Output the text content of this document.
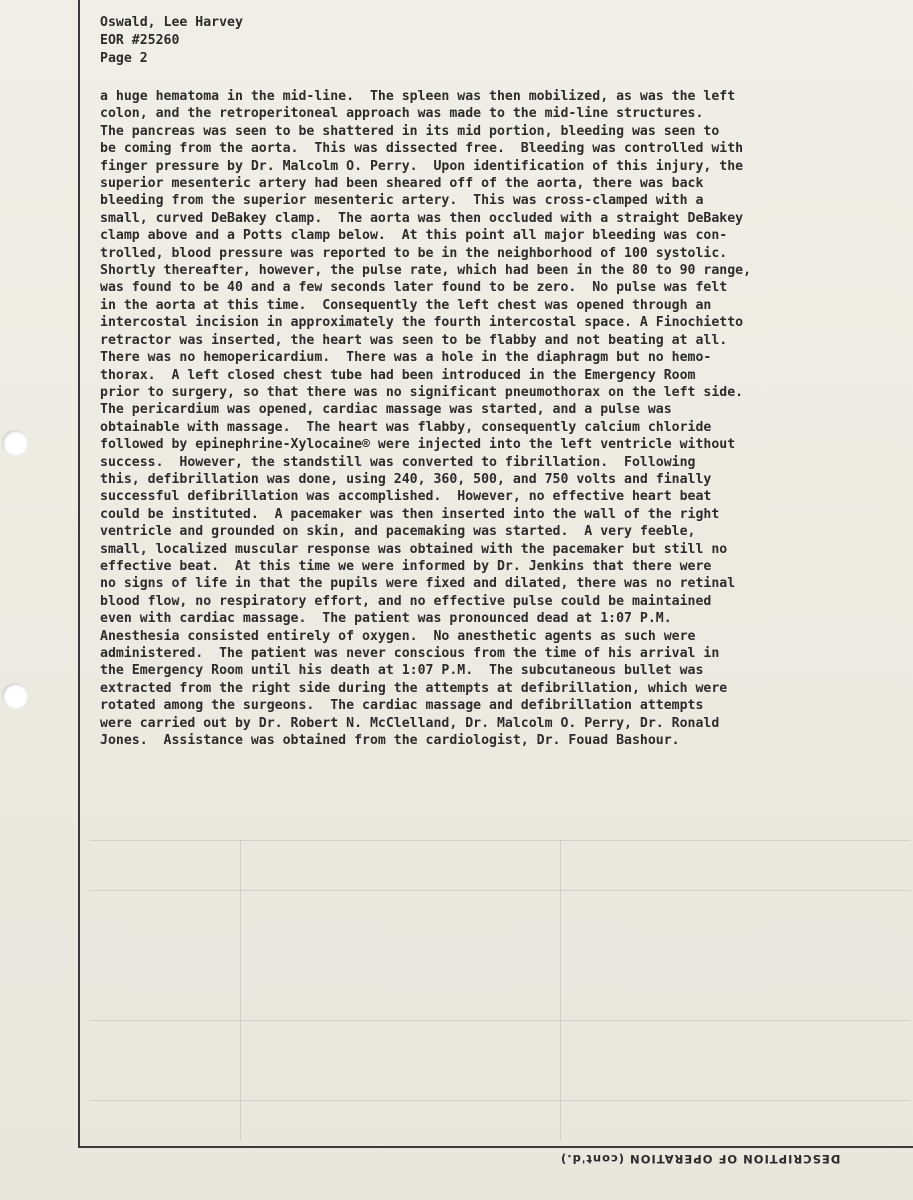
Oswald, Lee Harvey
EOR #25260
Page 2
a huge hematoma in the mid-line.  The spleen was then mobilized, as was the left
colon, and the retroperitoneal approach was made to the mid-line structures.
The pancreas was seen to be shattered in its mid portion, bleeding was seen to
be coming from the aorta.  This was dissected free.  Bleeding was controlled with
finger pressure by Dr. Malcolm O. Perry.  Upon identification of this injury, the
superior mesenteric artery had been sheared off of the aorta, there was back
bleeding from the superior mesenteric artery.  This was cross-clamped with a
small, curved DeBakey clamp.  The aorta was then occluded with a straight DeBakey
clamp above and a Potts clamp below.  At this point all major bleeding was con-
trolled, blood pressure was reported to be in the neighborhood of 100 systolic.
Shortly thereafter, however, the pulse rate, which had been in the 80 to 90 range,
was found to be 40 and a few seconds later found to be zero.  No pulse was felt
in the aorta at this time.  Consequently the left chest was opened through an
intercostal incision in approximately the fourth intercostal space. A Finochietto
retractor was inserted, the heart was seen to be flabby and not beating at all.
There was no hemopericardium.  There was a hole in the diaphragm but no hemo-
thorax.  A left closed chest tube had been introduced in the Emergency Room
prior to surgery, so that there was no significant pneumothorax on the left side.
The pericardium was opened, cardiac massage was started, and a pulse was
obtainable with massage.  The heart was flabby, consequently calcium chloride
followed by epinephrine-Xylocaine® were injected into the left ventricle without
success.  However, the standstill was converted to fibrillation.  Following
this, defibrillation was done, using 240, 360, 500, and 750 volts and finally
successful defibrillation was accomplished.  However, no effective heart beat
could be instituted.  A pacemaker was then inserted into the wall of the right
ventricle and grounded on skin, and pacemaking was started.  A very feeble,
small, localized muscular response was obtained with the pacemaker but still no
effective beat.  At this time we were informed by Dr. Jenkins that there were
no signs of life in that the pupils were fixed and dilated, there was no retinal
blood flow, no respiratory effort, and no effective pulse could be maintained
even with cardiac massage.  The patient was pronounced dead at 1:07 P.M.
Anesthesia consisted entirely of oxygen.  No anesthetic agents as such were
administered.  The patient was never conscious from the time of his arrival in
the Emergency Room until his death at 1:07 P.M.  The subcutaneous bullet was
extracted from the right side during the attempts at defibrillation, which were
rotated among the surgeons.  The cardiac massage and defibrillation attempts
were carried out by Dr. Robert N. McClelland, Dr. Malcolm O. Perry, Dr. Ronald
Jones.  Assistance was obtained from the cardiologist, Dr. Fouad Bashour.
DESCRIPTION OF OPERATION (cont'd.)
